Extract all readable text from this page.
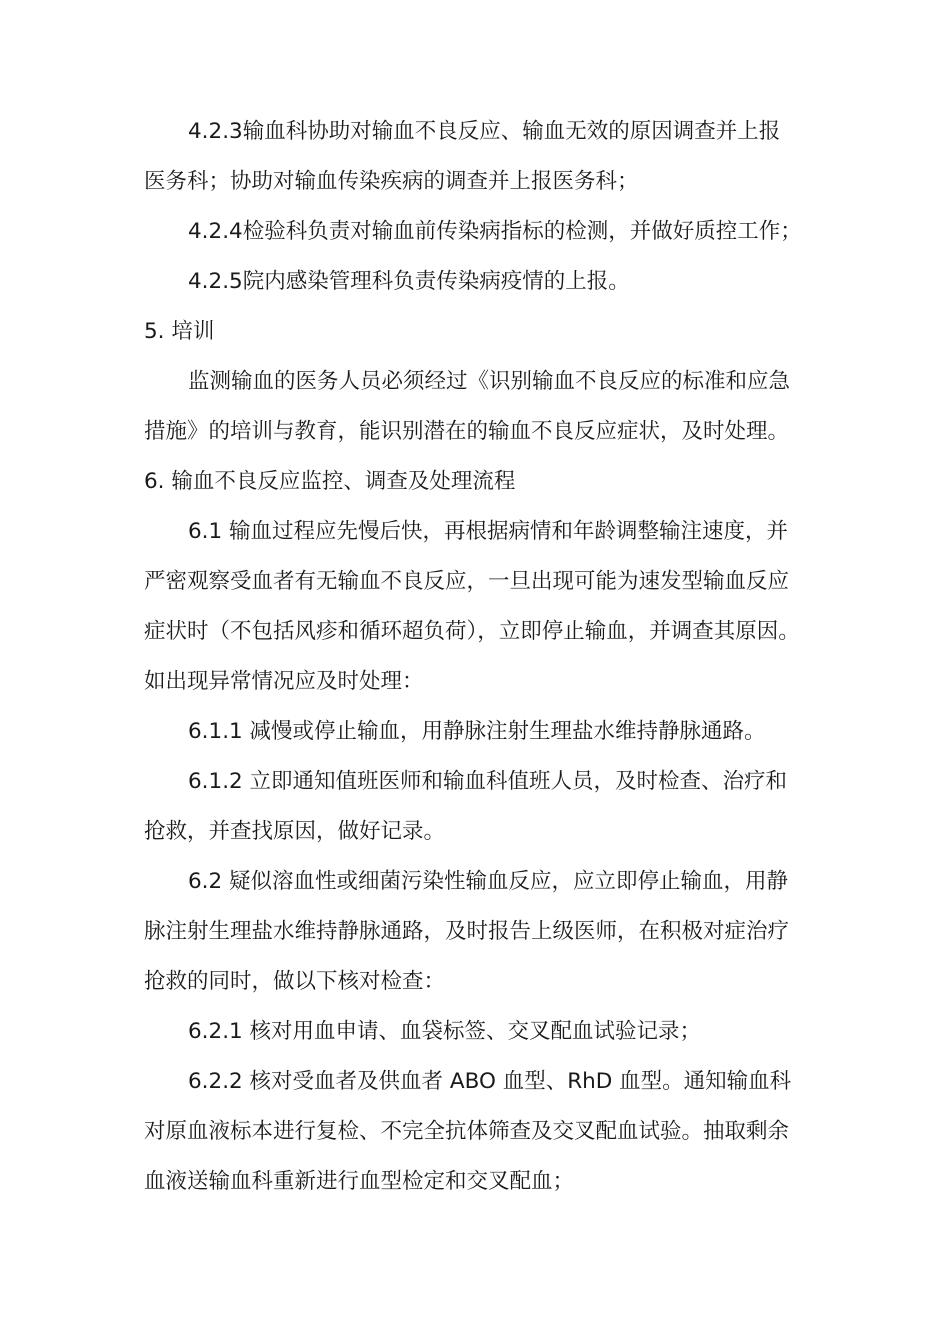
4.2.3输血科协助对输血不良反应、输血无效的原因调查并上报
医务科；协助对输血传染疾病的调查并上报医务科；
4.2.4检验科负责对输血前传染病指标的检测，并做好质控工作；
4.2.5院内感染管理科负责传染病疫情的上报。
5. 培训
监测输血的医务人员必须经过《识别输血不良反应的标准和应急
措施》的培训与教育，能识别潜在的输血不良反应症状，及时处理。
6. 输血不良反应监控、调查及处理流程
6.1 输血过程应先慢后快，再根据病情和年龄调整输注速度，并
严密观察受血者有无输血不良反应，一旦出现可能为速发型输血反应
症状时（不包括风疹和循环超负荷），立即停止输血，并调查其原因。
如出现异常情况应及时处理：
6.1.1 减慢或停止输血，用静脉注射生理盐水维持静脉通路。
6.1.2 立即通知值班医师和输血科值班人员，及时检查、治疗和
抢救，并查找原因，做好记录。
6.2 疑似溶血性或细菌污染性输血反应，应立即停止输血，用静
脉注射生理盐水维持静脉通路，及时报告上级医师，在积极对症治疗
抢救的同时，做以下核对检查：
6.2.1 核对用血申请、血袋标签、交叉配血试验记录；
6.2.2 核对受血者及供血者 ABO 血型、RhD 血型。通知输血科
对原血液标本进行复检、不完全抗体筛查及交叉配血试验。抽取剩余
血液送输血科重新进行血型检定和交叉配血；
